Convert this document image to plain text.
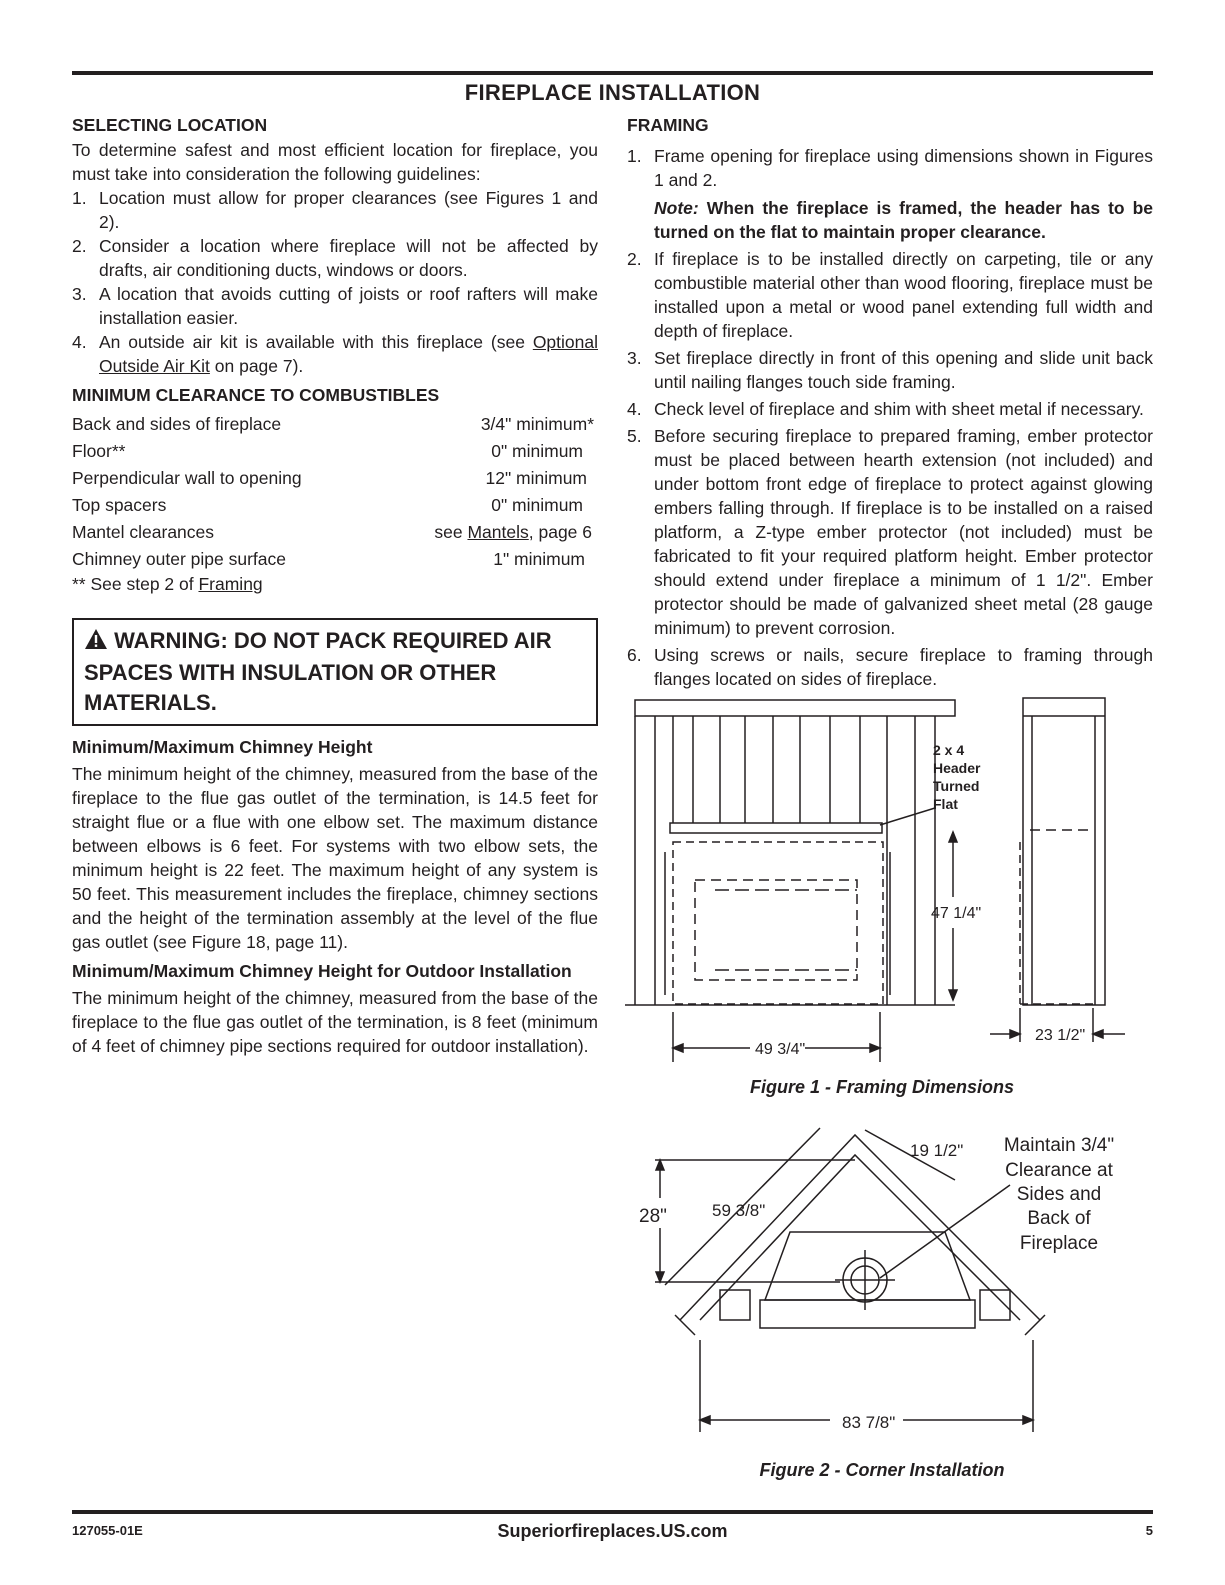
FIREPLACE INSTALLATION
SELECTING LOCATION

To determine safest and most efficient location for fireplace, you must take into consideration the following guidelines:

1. Location must allow for proper clearances (see Figures 1 and 2).
2. Consider a location where fireplace will not be affected by drafts, air conditioning ducts, windows or doors.
3. A location that avoids cutting of joists or roof rafters will make installation easier.
4. An outside air kit is available with this fireplace (see Optional Outside Air Kit on page 7).
MINIMUM CLEARANCE TO COMBUSTIBLES
Back and sides of fireplace	3/4" minimum*
Floor**	0" minimum
Perpendicular wall to opening	12" minimum
Top spacers	0" minimum
Mantel clearances	see Mantels, page 6
Chimney outer pipe surface	1" minimum
** See step 2 of Framing
WARNING: DO NOT PACK REQUIRED AIR SPACES WITH INSULATION OR OTHER MATERIALS.
Minimum/Maximum Chimney Height

The minimum height of the chimney, measured from the base of the fireplace to the flue gas outlet of the termination, is 14.5 feet for straight flue or a flue with one elbow set. The maximum distance between elbows is 6 feet. For systems with two elbow sets, the minimum height is 22 feet. The maximum height of any system is 50 feet. This measurement includes the fireplace, chimney sections and the height of the termination assembly at the level of the flue gas outlet (see Figure 18, page 11).

Minimum/Maximum Chimney Height for Outdoor Installation

The minimum height of the chimney, measured from the base of the fireplace to the flue gas outlet of the termination, is 8 feet (minimum of 4 feet of chimney pipe sections required for outdoor installation).

FRAMING
1. Frame opening for fireplace using dimensions shown in Figures 1 and 2.
Note: When the fireplace is framed, the header has to be turned on the flat to maintain proper clearance.
2. If fireplace is to be installed directly on carpeting, tile or any combustible material other than wood flooring, fireplace must be installed upon a metal or wood panel extending full width and depth of fireplace.
3. Set fireplace directly in front of this opening and slide unit back until nailing flanges touch side framing.
4. Check level of fireplace and shim with sheet metal if necessary.
5. Before securing fireplace to prepared framing, ember protector must be placed between hearth extension (not included) and under bottom front edge of fireplace to protect against glowing embers falling through. If fireplace is to be installed on a raised platform, a Z-type ember protector (not included) must be fabricated to fit your required platform height. Ember protector should extend under fireplace a minimum of 1 1/2". Ember protector should be made of galvanized sheet metal (28 gauge minimum) to prevent corrosion.
6. Using screws or nails, secure fireplace to framing through flanges located on sides of fireplace.
2 x 4
Header
Turned
Flat
47 1/4"
49 3/4"
23 1/2"
Figure 1 - Framing Dimensions
19 1/2"
59 3/8"
28"
83 7/8"
Maintain 3/4"
Clearance at
Sides and
Back of
Fireplace
Figure 2 - Corner Installation
127055-01E	Superiorfireplaces.US.com	5
